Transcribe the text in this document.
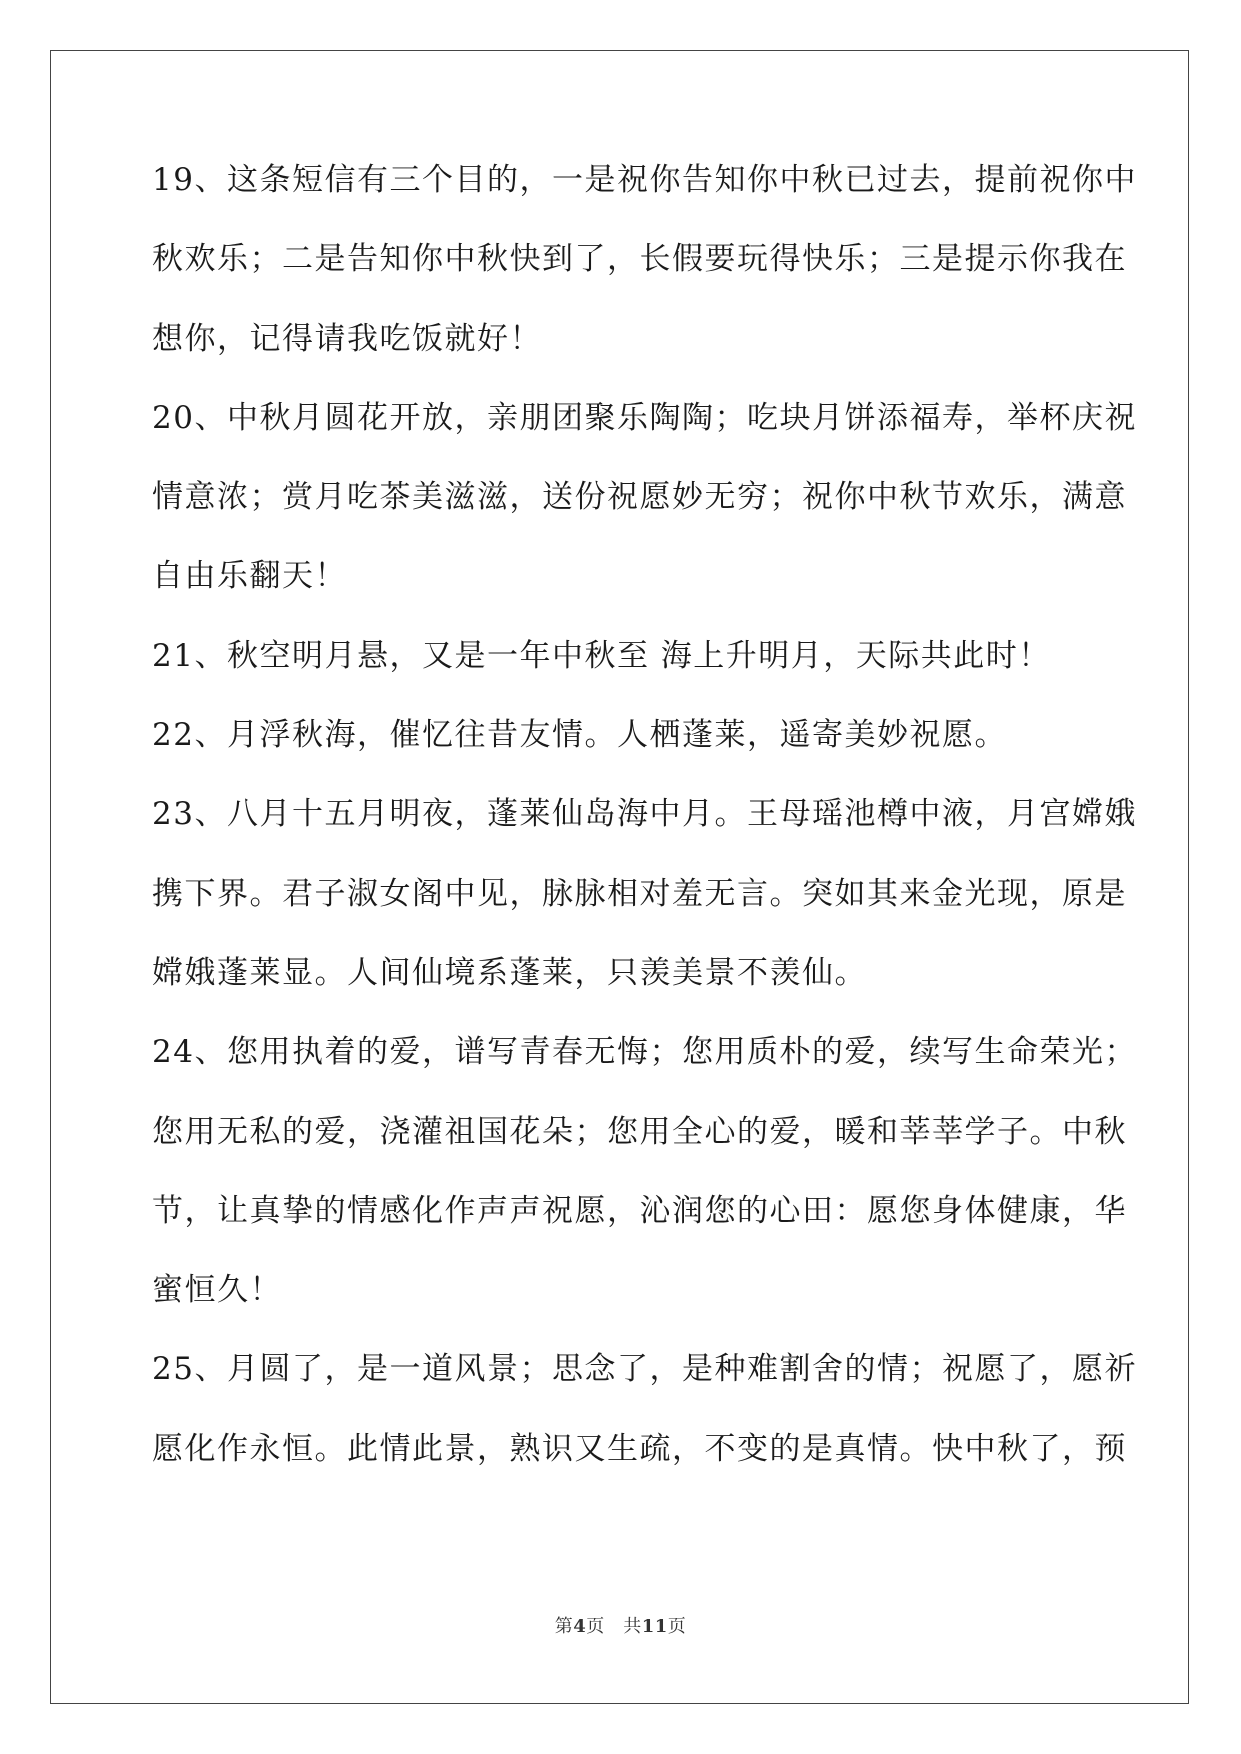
19、这条短信有三个目的，一是祝你告知你中秋已过去，提前祝你中
秋欢乐；二是告知你中秋快到了，长假要玩得快乐；三是提示你我在
想你，记得请我吃饭就好！
20、中秋月圆花开放，亲朋团聚乐陶陶；吃块月饼添福寿，举杯庆祝
情意浓；赏月吃茶美滋滋，送份祝愿妙无穷；祝你中秋节欢乐，满意
自由乐翻天！
21、秋空明月悬，又是一年中秋至 海上升明月，天际共此时！
22、月浮秋海，催忆往昔友情。人栖蓬莱，遥寄美妙祝愿。
23、八月十五月明夜，蓬莱仙岛海中月。王母瑶池樽中液，月宫嫦娥
携下界。君子淑女阁中见，脉脉相对羞无言。突如其来金光现，原是
嫦娥蓬莱显。人间仙境系蓬莱，只羡美景不羡仙。
24、您用执着的爱，谱写青春无悔；您用质朴的爱，续写生命荣光；
您用无私的爱，浇灌祖国花朵；您用全心的爱，暖和莘莘学子。中秋
节，让真挚的情感化作声声祝愿，沁润您的心田：愿您身体健康，华
蜜恒久！
25、月圆了，是一道风景；思念了，是种难割舍的情；祝愿了，愿祈
愿化作永恒。此情此景，熟识又生疏，不变的是真情。快中秋了，预
第4页　共11页
